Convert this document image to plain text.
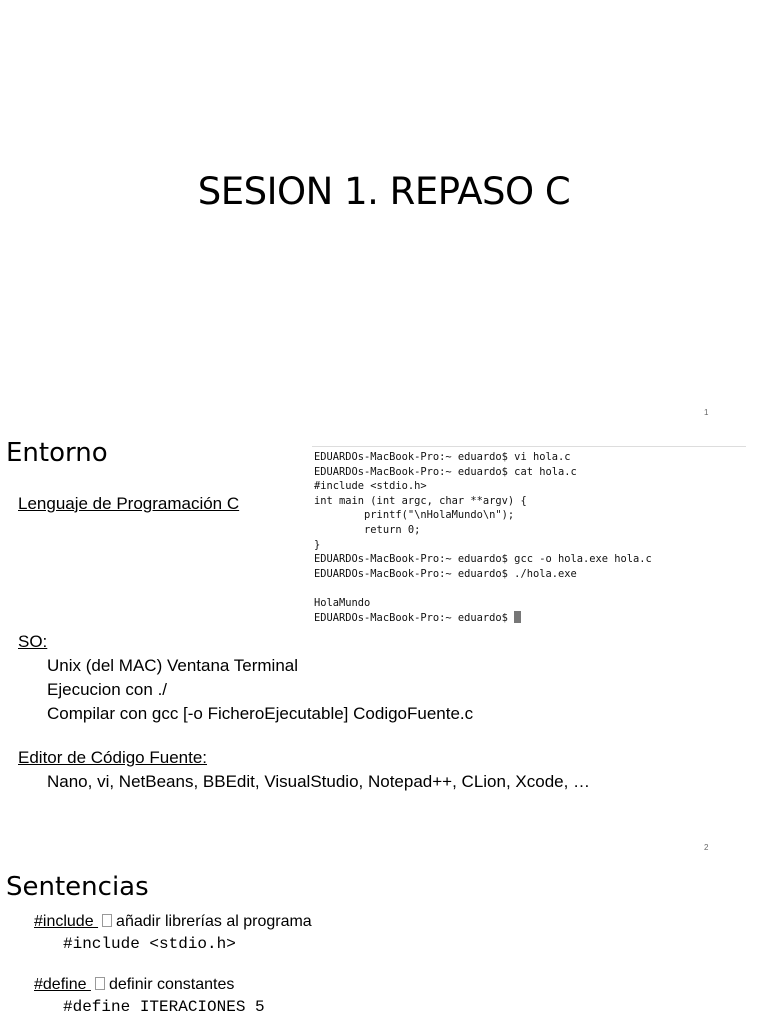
SESION 1. REPASO C
1
Entorno
Lenguaje de Programación C
EDUARDOs-MacBook-Pro:~ eduardo$ vi hola.c
EDUARDOs-MacBook-Pro:~ eduardo$ cat hola.c
#include <stdio.h>
int main (int argc, char **argv) {
printf("\nHolaMundo\n");
return 0;
}
EDUARDOs-MacBook-Pro:~ eduardo$ gcc -o hola.exe hola.c
EDUARDOs-MacBook-Pro:~ eduardo$ ./hola.exe

HolaMundo
EDUARDOs-MacBook-Pro:~ eduardo$
SO:
Unix (del MAC) Ventana Terminal
Ejecucion con ./
Compilar con gcc [-o FicheroEjecutable] CodigoFuente.c
Editor de Código Fuente:
Nano, vi, NetBeans, BBEdit, VisualStudio, Notepad++, CLion, Xcode, …
2
Sentencias
#include añadir librerías al programa
#include <stdio.h>
#define definir constantes
#define ITERACIONES 5
